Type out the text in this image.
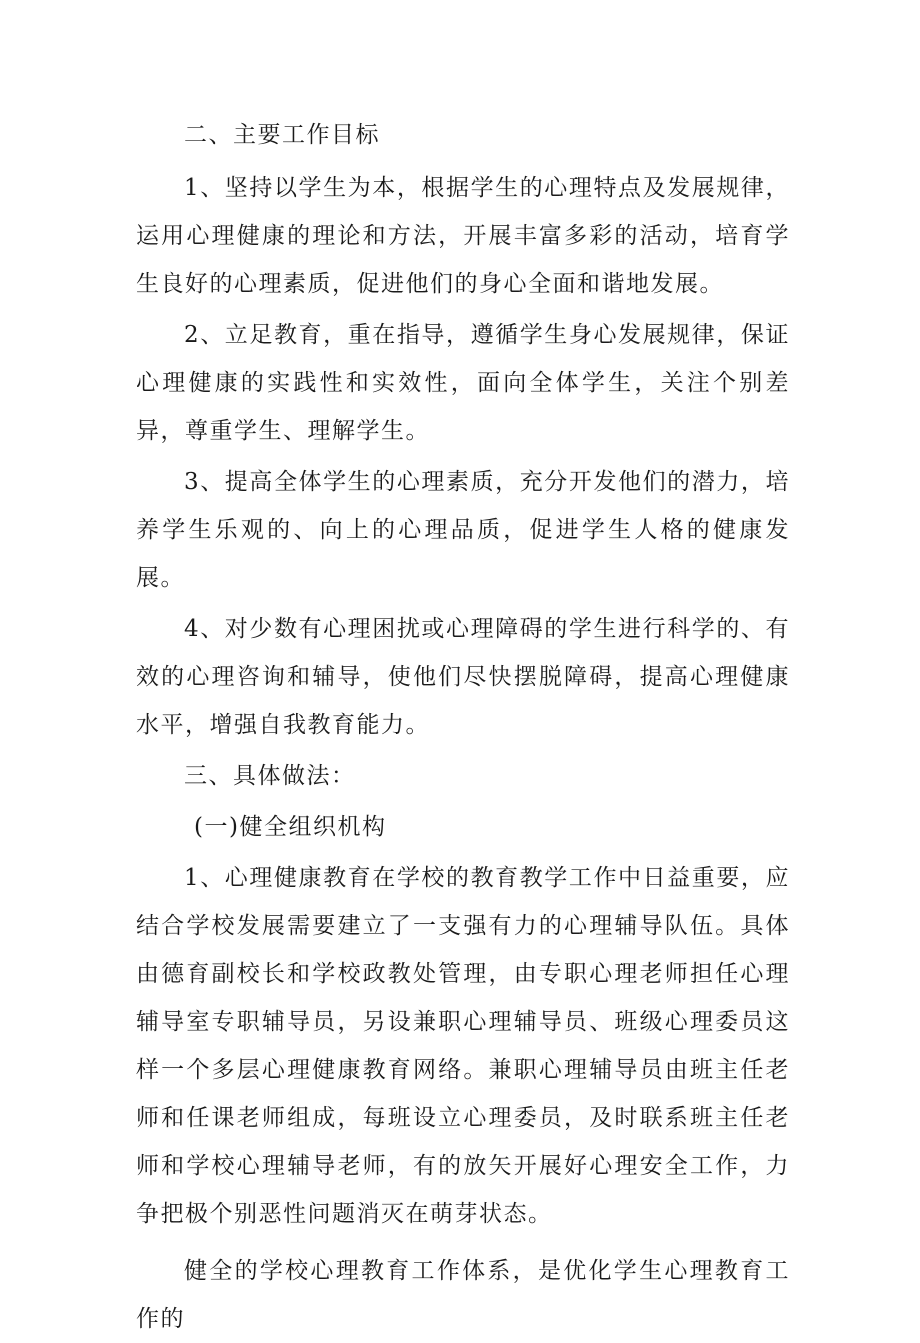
二、主要工作目标

1、坚持以学生为本，根据学生的心理特点及发展规律，运用心理健康的理论和方法，开展丰富多彩的活动，培育学生良好的心理素质，促进他们的身心全面和谐地发展。

2、立足教育，重在指导，遵循学生身心发展规律，保证心理健康的实践性和实效性，面向全体学生，关注个别差异，尊重学生、理解学生。

3、提高全体学生的心理素质，充分开发他们的潜力，培养学生乐观的、向上的心理品质，促进学生人格的健康发展。

4、对少数有心理困扰或心理障碍的学生进行科学的、有效的心理咨询和辅导，使他们尽快摆脱障碍，提高心理健康水平，增强自我教育能力。

三、具体做法：

(一)健全组织机构

1、心理健康教育在学校的教育教学工作中日益重要，应结合学校发展需要建立了一支强有力的心理辅导队伍。具体由德育副校长和学校政教处管理，由专职心理老师担任心理辅导室专职辅导员，另设兼职心理辅导员、班级心理委员这样一个多层心理健康教育网络。兼职心理辅导员由班主任老师和任课老师组成，每班设立心理委员，及时联系班主任老师和学校心理辅导老师，有的放矢开展好心理安全工作，力争把极个别恶性问题消灭在萌芽状态。

健全的学校心理教育工作体系，是优化学生心理教育工作的
